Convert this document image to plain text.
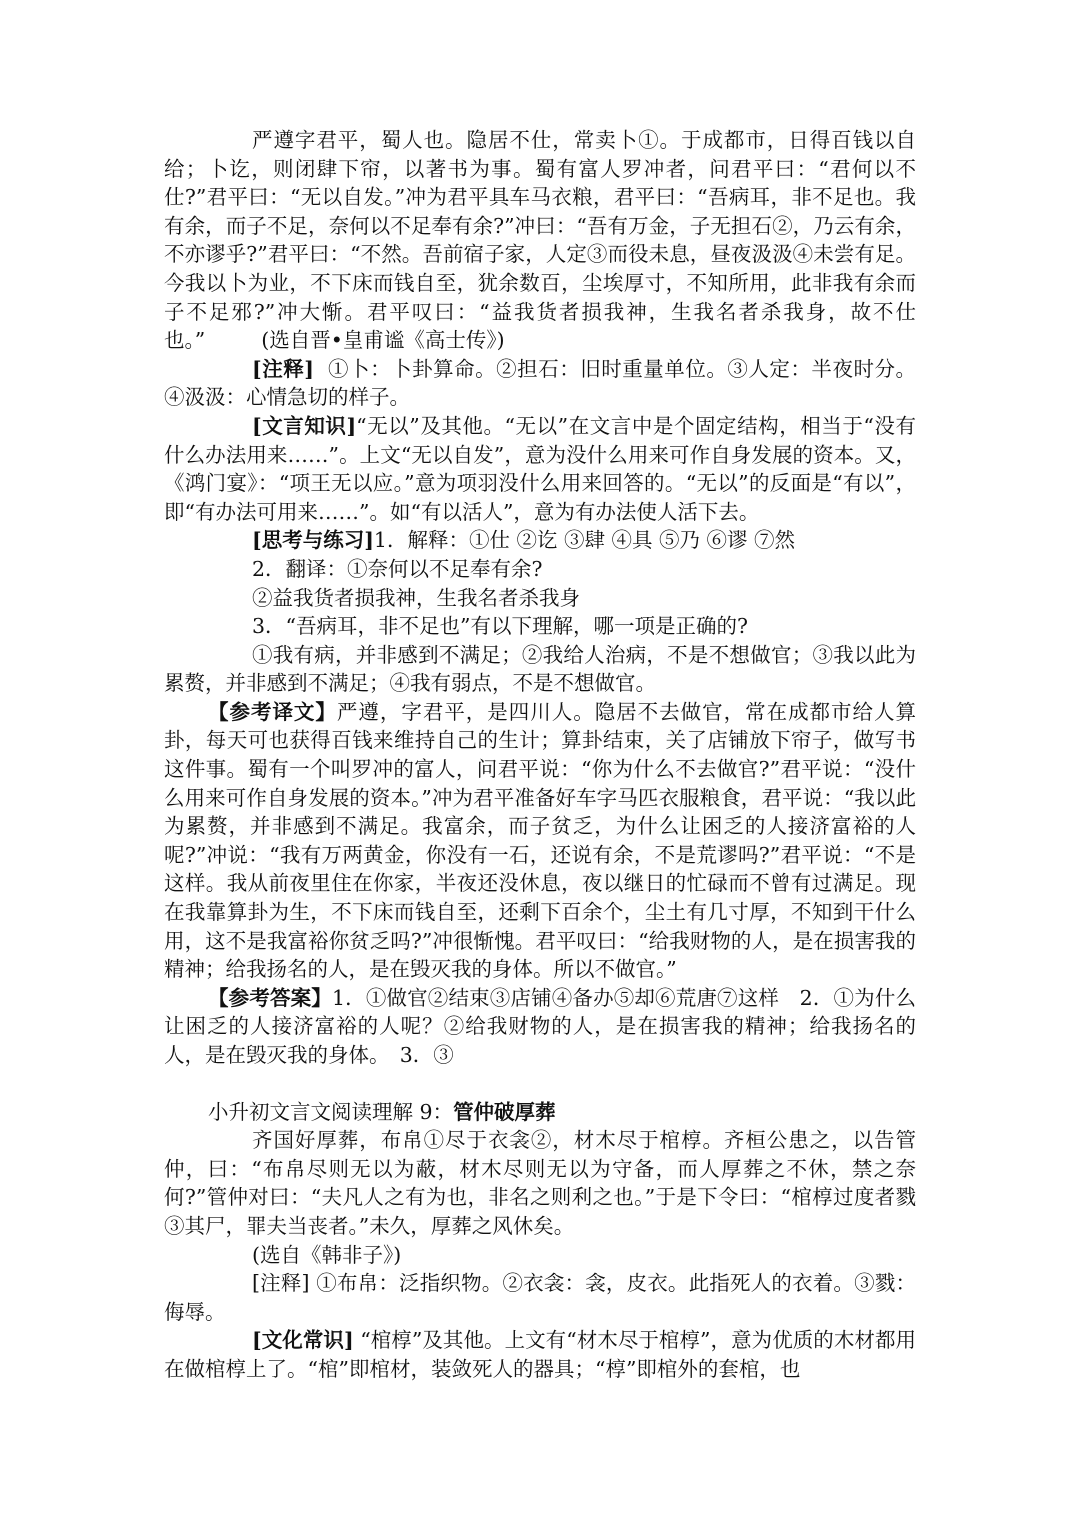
严遵字君平，蜀人也。隐居不仕，常卖卜①。于成都市，日得百钱以自给；卜讫，则闭肆下帘，以著书为事。蜀有富人罗冲者，问君平曰：“君何以不仕?”君平曰：“无以自发。”冲为君平具车马衣粮，君平曰：“吾病耳，非不足也。我有余，而子不足，奈何以不足奉有余?”冲曰：“吾有万金，子无担石②，乃云有余，不亦谬乎?”君平曰：“不然。吾前宿子家，人定③而役未息，昼夜汲汲④未尝有足。今我以卜为业，不下床而钱自至，犹余数百，尘埃厚寸，不知所用，此非我有余而子不足邪?”冲大惭。君平叹曰：“益我货者损我神，生我名者杀我身，故不仕也。”	(选自晋•皇甫谧《高士传》)

[注释] ①卜：卜卦算命。②担石：旧时重量单位。③人定：半夜时分。④汲汲：心情急切的样子。

[文言知识]“无以”及其他。“无以”在文言中是个固定结构，相当于“没有什么办法用来……”。上文“无以自发”，意为没什么用来可作自身发展的资本。又，《鸿门宴》：“项王无以应。”意为项羽没什么用来回答的。“无以”的反面是“有以”，即“有办法可用来……”。如“有以活人”，意为有办法使人活下去。

[思考与练习]1．解释：①仕 ②讫 ③肆 ④具 ⑤乃 ⑥谬 ⑦然

2．翻译：①奈何以不足奉有余?

②益我货者损我神，生我名者杀我身

3．“吾病耳，非不足也”有以下理解，哪一项是正确的?

①我有病，并非感到不满足；②我给人治病，不是不想做官；③我以此为累赘，并非感到不满足；④我有弱点，不是不想做官。

【参考译文】严遵，字君平，是四川人。隐居不去做官，常在成都市给人算卦，每天可也获得百钱来维持自己的生计；算卦结束，关了店铺放下帘子，做写书这件事。蜀有一个叫罗冲的富人，问君平说：“你为什么不去做官?”君平说：“没什么用来可作自身发展的资本。”冲为君平准备好车字马匹衣服粮食，君平说：“我以此为累赘，并非感到不满足。我富余，而子贫乏，为什么让困乏的人接济富裕的人呢?”冲说：“我有万两黄金，你没有一石，还说有余，不是荒谬吗?”君平说：“不是这样。我从前夜里住在你家，半夜还没休息，夜以继日的忙碌而不曾有过满足。现在我靠算卦为生，不下床而钱自至，还剩下百余个，尘土有几寸厚，不知到干什么用，这不是我富裕你贫乏吗?”冲很惭愧。君平叹曰：“给我财物的人，是在损害我的精神；给我扬名的人，是在毁灭我的身体。所以不做官。”

【参考答案】1．①做官②结束③店铺④备办⑤却⑥荒唐⑦这样　2．①为什么让困乏的人接济富裕的人呢？②给我财物的人，是在损害我的精神；给我扬名的人，是在毁灭我的身体。　3．③

小升初文言文阅读理解 9：管仲破厚葬

齐国好厚葬，布帛①尽于衣衾②，材木尽于棺椁。齐桓公患之，以告管仲，曰：“布帛尽则无以为蔽，材木尽则无以为守备，而人厚葬之不休，禁之奈何?”管仲对曰：“夫凡人之有为也，非名之则利之也。”于是下令曰：“棺椁过度者戮③其尸，罪夫当丧者。”未久，厚葬之风休矣。

(选自《韩非子》)

[注释] ①布帛：泛指织物。②衣衾：衾，皮衣。此指死人的衣着。③戮：侮辱。

[文化常识] “棺椁”及其他。上文有“材木尽于棺椁”，意为优质的木材都用在做棺椁上了。“棺”即棺材，装敛死人的器具；“椁”即棺外的套棺，也
